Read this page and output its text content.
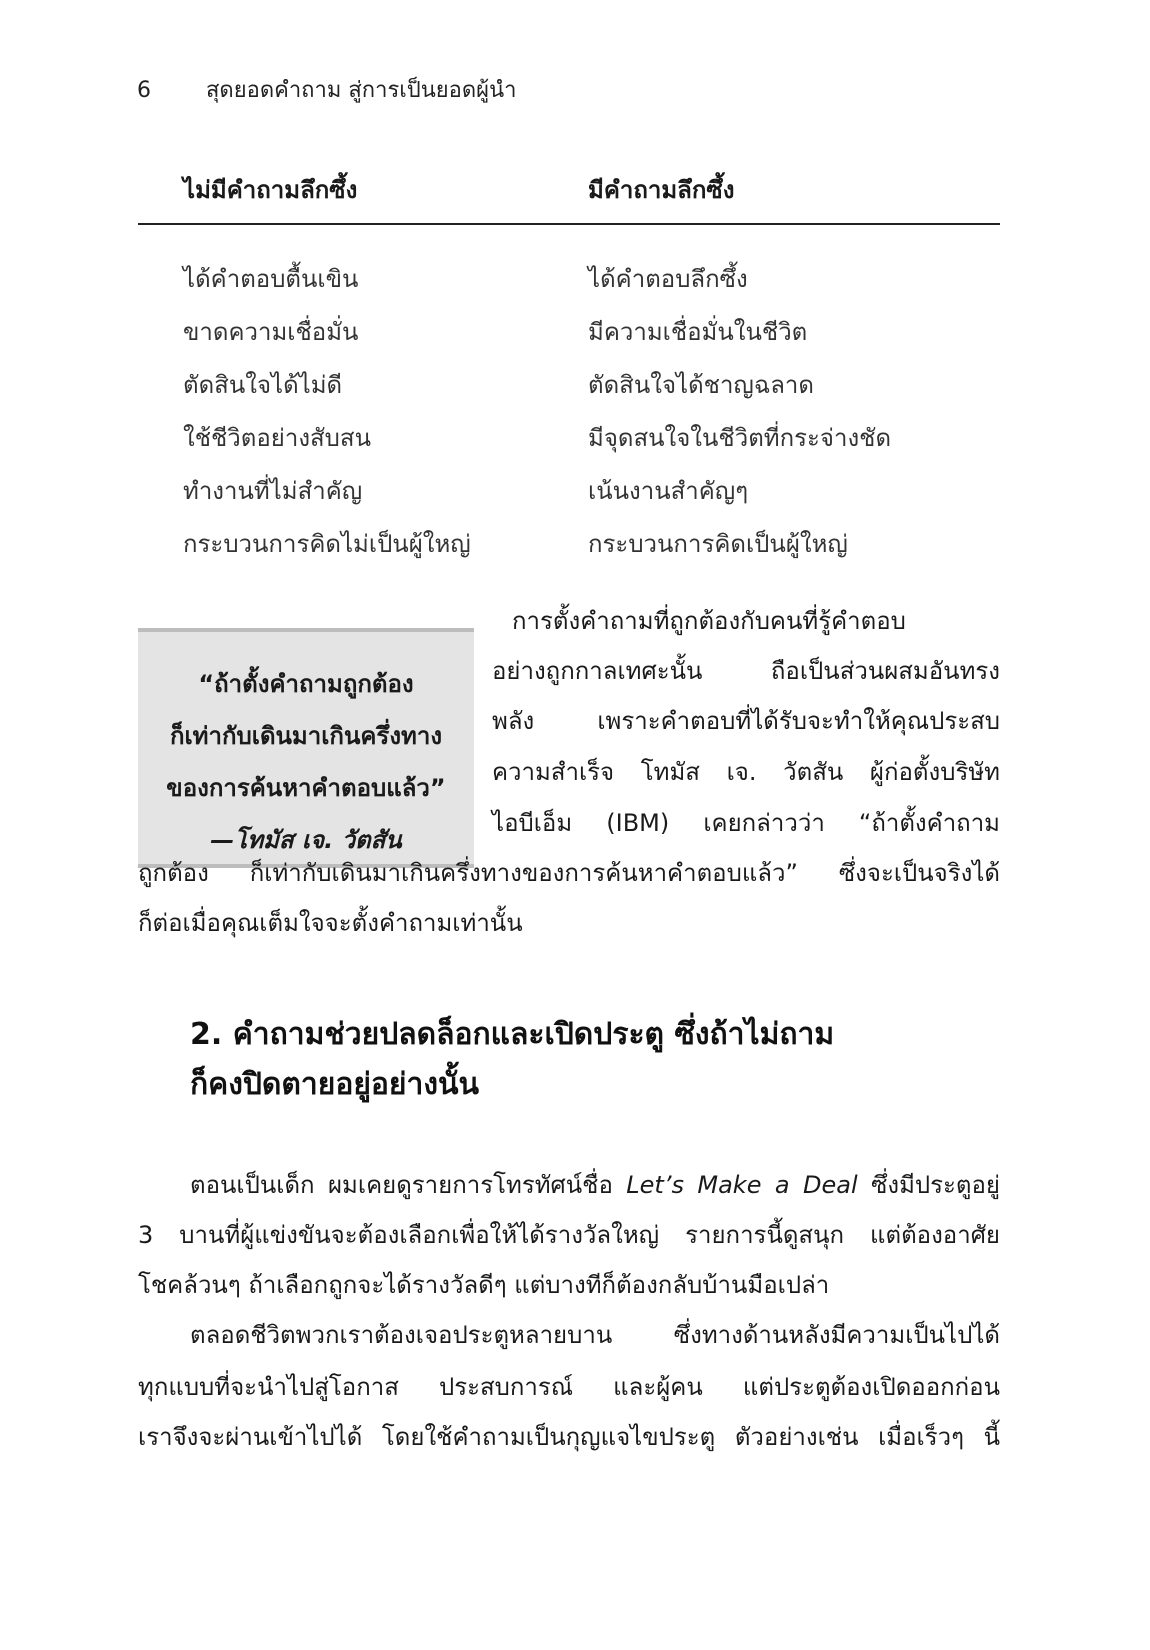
6	สุดยอดคำถาม สู่การเป็นยอดผู้นำ
ไม่มีคำถามลึกซึ้ง	มีคำถามลึกซึ้ง
ได้คำตอบตื้นเขิน
ขาดความเชื่อมั่น
ตัดสินใจได้ไม่ดี
ใช้ชีวิตอย่างสับสน
ทำงานที่ไม่สำคัญ
กระบวนการคิดไม่เป็นผู้ใหญ่
ได้คำตอบลึกซึ้ง
มีความเชื่อมั่นในชีวิต
ตัดสินใจได้ชาญฉลาด
มีจุดสนใจในชีวิตที่กระจ่างชัด
เน้นงานสำคัญๆ
กระบวนการคิดเป็นผู้ใหญ่
“ถ้าตั้งคำถามถูกต้อง
ก็เท่ากับเดินมาเกินครึ่งทาง
ของการค้นหาคำตอบแล้ว”
—โทมัส เจ. วัตสัน
การตั้งคำถามที่ถูกต้องกับคนที่รู้คำตอบ
อย่างถูกกาลเทศะนั้น ถือเป็นส่วนผสมอันทรง
พลัง เพราะคำตอบที่ได้รับจะทำให้คุณประสบ
ความสำเร็จ โทมัส เจ. วัตสัน ผู้ก่อตั้งบริษัท
ไอบีเอ็ม (IBM) เคยกล่าวว่า “ถ้าตั้งคำถาม
ถูกต้อง ก็เท่ากับเดินมาเกินครึ่งทางของการค้นหาคำตอบแล้ว” ซึ่งจะเป็นจริงได้
ก็ต่อเมื่อคุณเต็มใจจะตั้งคำถามเท่านั้น
2. คำถามช่วยปลดล็อกและเปิดประตู ซึ่งถ้าไม่ถาม
ก็คงปิดตายอยู่อย่างนั้น
ตอนเป็นเด็ก ผมเคยดูรายการโทรทัศน์ชื่อ Let’s Make a Deal ซึ่งมีประตูอยู่
3 บานที่ผู้แข่งขันจะต้องเลือกเพื่อให้ได้รางวัลใหญ่ รายการนี้ดูสนุก แต่ต้องอาศัย
โชคล้วนๆ ถ้าเลือกถูกจะได้รางวัลดีๆ แต่บางทีก็ต้องกลับบ้านมือเปล่า
ตลอดชีวิตพวกเราต้องเจอประตูหลายบาน ซึ่งทางด้านหลังมีความเป็นไปได้
ทุกแบบที่จะนำไปสู่โอกาส ประสบการณ์ และผู้คน แต่ประตูต้องเปิดออกก่อน
เราจึงจะผ่านเข้าไปได้ โดยใช้คำถามเป็นกุญแจไขประตู ตัวอย่างเช่น เมื่อเร็วๆ นี้
